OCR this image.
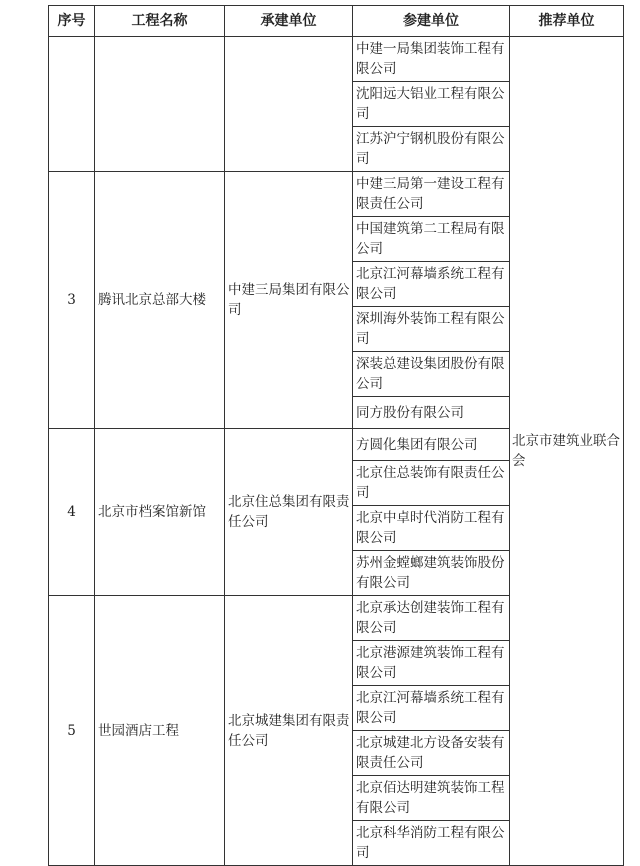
序号	工程名称	承建单位	参建单位	推荐单位
			中建一局集团装饰工程有限公司	北京市建筑业联合会
			沈阳远大铝业工程有限公司	
			江苏沪宁钢机股份有限公司	
3	腾讯北京总部大楼	中建三局集团有限公司	中建三局第一建设工程有限责任公司	
			中国建筑第二工程局有限公司	
			北京江河幕墙系统工程有限公司	
			深圳海外装饰工程有限公司	
			深装总建设集团股份有限公司	
			同方股份有限公司	
4	北京市档案馆新馆	北京住总集团有限责任公司	方圆化集团有限公司	
			北京住总装饰有限责任公司	
			北京中卓时代消防工程有限公司	
			苏州金螳螂建筑装饰股份有限公司	
5	世园酒店工程	北京城建集团有限责任公司	北京承达创建装饰工程有限公司	
			北京港源建筑装饰工程有限公司	
			北京江河幕墙系统工程有限公司	
			北京城建北方设备安装有限责任公司	
			北京佰达明建筑装饰工程有限公司	
			北京科华消防工程有限公司	
